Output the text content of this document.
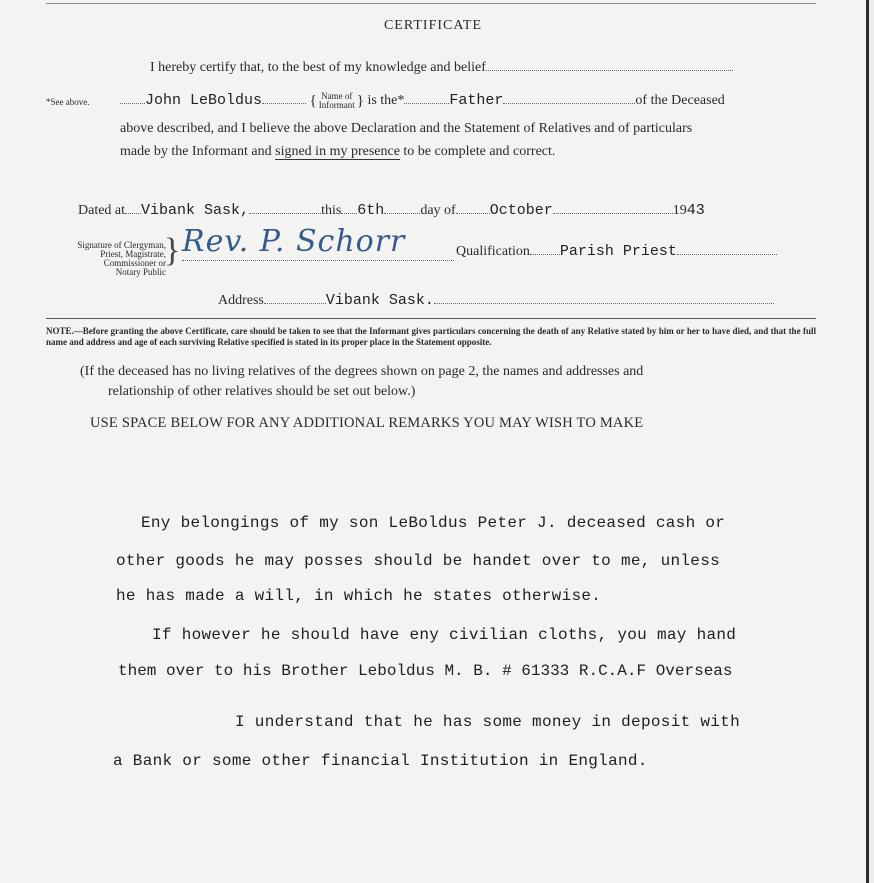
CERTIFICATE
I hereby certify that, to the best of my knowledge and belief
*See above.	John LeBoldus	{ Name of
Informant } is the*	Father	of the Deceased
above described, and I believe the above Declaration and the Statement of Relatives and of particulars
made by the Informant and signed in my presence to be complete and correct.
Dated at Vibank Sask,	this 6th	day of October	1943
Signature of Clergyman,
Priest, Magistrate,
Commissioner or
Notary Public
} Rev. P. Schorr	Qualification Parish Priest
Address	Vibank Sask.
NOTE.—Before granting the above Certificate, care should be taken to see that the Informant gives particulars concerning the death of any Relative stated by him or her to have died, and that the full name and address and age of each surviving Relative specified is stated in its proper place in the Statement opposite.
(If the deceased has no living relatives of the degrees shown on page 2, the names and addresses and
relationship of other relatives should be set out below.)
USE SPACE BELOW FOR ANY ADDITIONAL REMARKS YOU MAY WISH TO MAKE
Eny belongings of my son LeBoldus Peter J. deceased cash or
other goods he may posses should be handet over to me, unless
he has made a will, in which he states otherwise.
If however he should have eny civilian cloths, you may hand
them over to his Brother Leboldus M. B. # 61333 R.C.A.F Overseas
I understand that he has some money in deposit with
a Bank or some other financial Institution in England.
